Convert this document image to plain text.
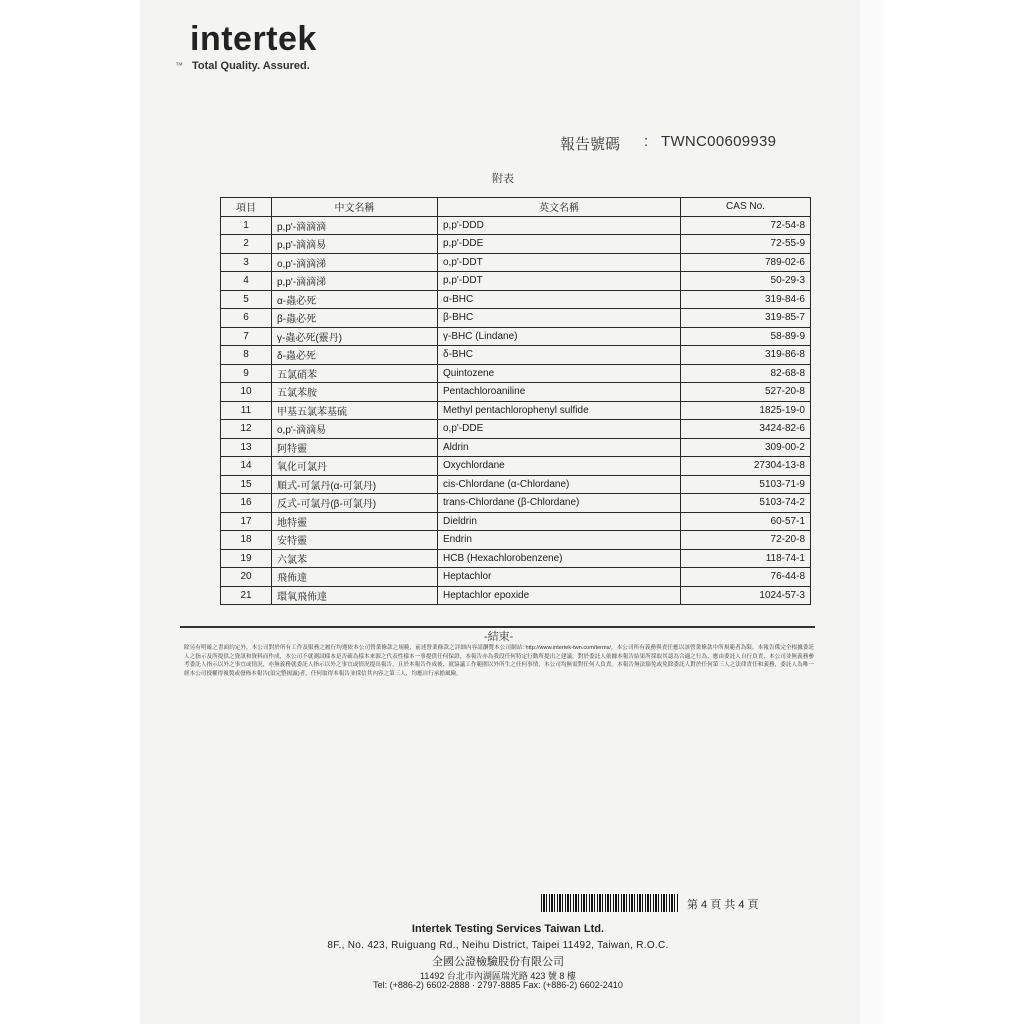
intertek
™ Total Quality. Assured.
報告號碼 : TWNC00609939
附表
項目	中文名稱	英文名稱	CAS No.
1	p,p'-滴滴滴	p,p'-DDD	72-54-8
2	p,p'-滴滴易	p,p'-DDE	72-55-9
3	o,p'-滴滴涕	o,p'-DDT	789-02-6
4	p,p'-滴滴涕	p,p'-DDT	50-29-3
5	α-蟲必死	α-BHC	319-84-6
6	β-蟲必死	β-BHC	319-85-7
7	γ-蟲必死(靈丹)	γ-BHC (Lindane)	58-89-9
8	δ-蟲必死	δ-BHC	319-86-8
9	五氯硝苯	Quintozene	82-68-8
10	五氯苯胺	Pentachloroaniline	527-20-8
11	甲基五氯苯基硫	Methyl pentachlorophenyl sulfide	1825-19-0
12	o,p'-滴滴易	o,p'-DDE	3424-82-6
13	阿特靈	Aldrin	309-00-2
14	氧化可氯丹	Oxychlordane	27304-13-8
15	順式-可氯丹(α-可氯丹)	cis-Chlordane (α-Chlordane)	5103-71-9
16	反式-可氯丹(β-可氯丹)	trans-Chlordane (β-Chlordane)	5103-74-2
17	地特靈	Dieldrin	60-57-1
18	安特靈	Endrin	72-20-8
19	六氯苯	HCB (Hexachlorobenzene)	118-74-1
20	飛佈達	Heptachlor	76-44-8
21	環氧飛佈達	Heptachlor epoxide	1024-57-3
-結束-
除另有明確之書面約定外，本公司對於所有工作及服務之履行均遵依本公司營業條款之規範，前述營業條款之詳細內容請瀏覽本公司網站: http://www.intertek-twn.com/terms/，本公司所有義務與責任應以該營業條款中所規範者為限。本報告係完全根據委託人之指示及所提供之資訊和資料而作成，本公司不就測試樣本是否確為樣本來源之代表性樣本一事提供任何保證，本報告亦為我段任何特定行動所提出之建議。對於委託人依據本報告結果所採取其認為合適之行為，應由委託人自行負責，本公司並無義務參考委託人指示以外之事宜或情況，亦無義務就委託人指示以外之事宜或情況提出報告，且於本報告作成後，就協議工作範圍以外所生之任何事情，本公司均無需對任何人負責。本報告無法豁免或免除委託人對於任何第三人之法律責任和義務，委託人為唯一經本公司授權得複製或發佈本報告(須完整揭露)者，任何取得本報告並採信其內容之第三人，均應自行承擔風險。
第 4 頁 共 4 頁
Intertek Testing Services Taiwan Ltd.
8F., No. 423, Ruiguang Rd., Neihu District, Taipei 11492, Taiwan, R.O.C.
全國公證檢驗股份有限公司
11492 台北市內湖區瑞光路 423 號 8 樓
Tel: (+886-2) 6602-2888 · 2797-8885 Fax: (+886-2) 6602-2410
